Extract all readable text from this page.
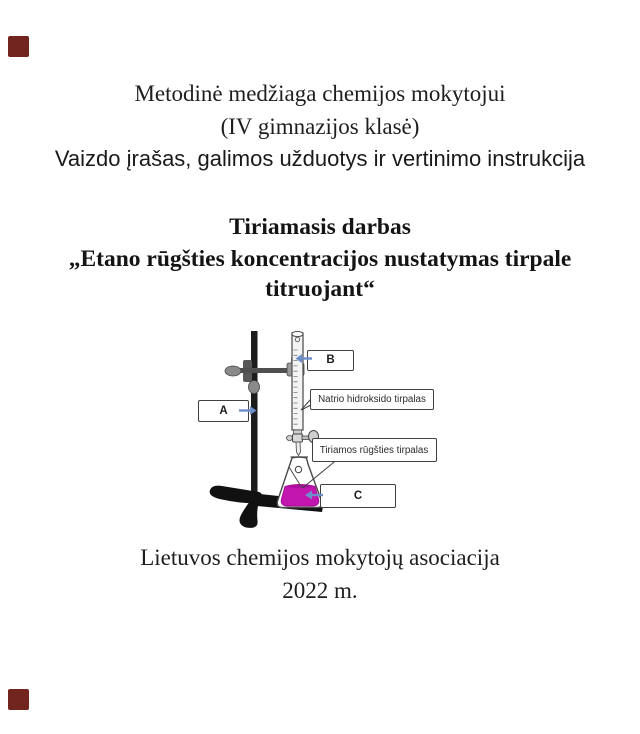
Metodinė medžiaga chemijos mokytojui
(IV gimnazijos klasė)
Vaizdo įrašas, galimos užduotys ir vertinimo instrukcija
Tiriamasis darbas
„Etano rūgšties koncentracijos nustatymas tirpale
titruojant“
A
B
Natrio hidroksido tirpalas
Tiriamos rūgšties tirpalas
C
Lietuvos chemijos mokytojų asociacija
2022 m.
